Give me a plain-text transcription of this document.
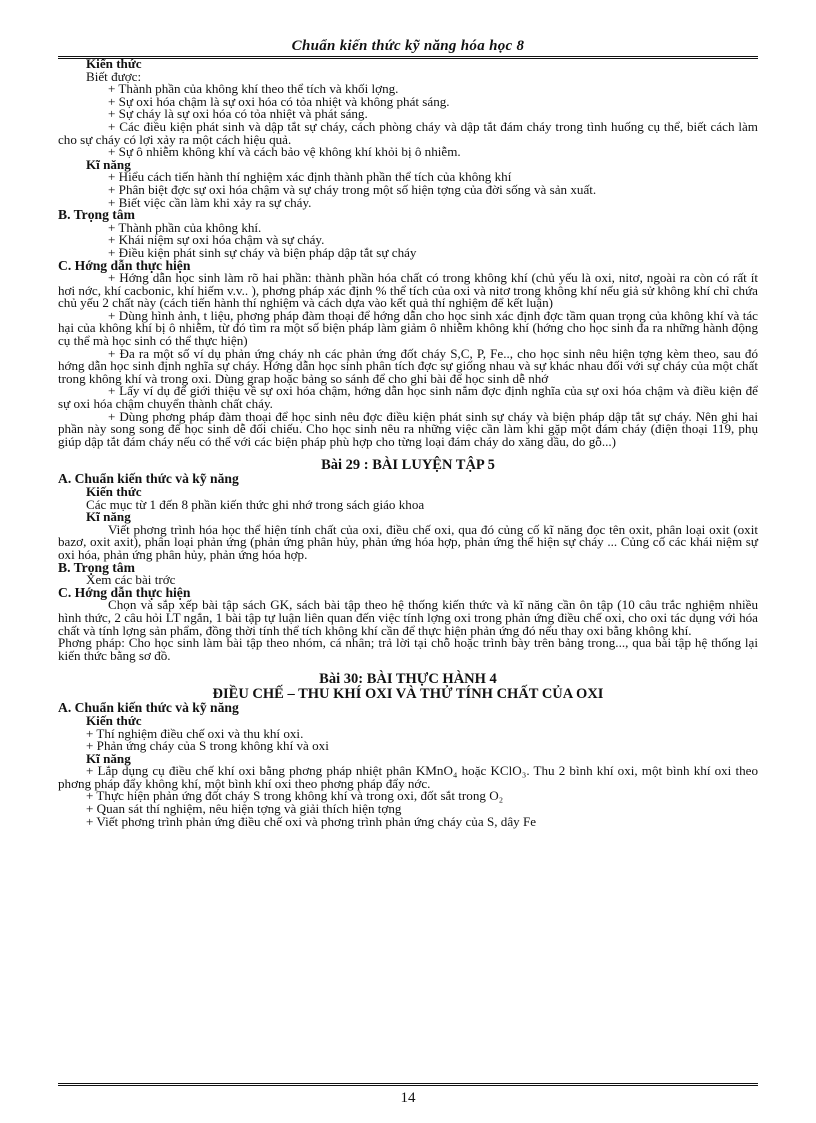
Chuẩn kiến thức kỹ năng hóa học 8

Kiến thức

Biết được:

+ Thành phần của không khí theo thể tích và khối lợng.

+ Sự oxi hóa chậm là sự oxi hóa có tỏa nhiệt và không phát sáng.

+ Sự cháy là sự oxi hóa có tỏa nhiệt và phát sáng.

+ Các điều kiện phát sinh và dập tắt sự cháy, cách phòng cháy và dập tắt đám cháy trong tình huống cụ thể, biết cách làm cho sự cháy có lợi xảy ra một cách hiệu quả.

+ Sự ô nhiễm không khí và cách bảo vệ không khí khỏi bị ô nhiễm.

Kĩ năng

+ Hiểu cách tiến hành thí nghiệm xác định thành phần thể tích của không khí

+ Phân biệt đợc sự oxi hóa chậm và sự cháy trong một số hiện tợng của đời sống và sản xuất.

+ Biết việc cần làm khi xảy ra sự cháy.

B. Trọng tâm

+ Thành phần của không khí.

+ Khái niệm sự oxi hóa chậm và sự cháy.

+ Điều kiện phát sinh sự cháy và biện pháp dập tắt sự cháy

C. Hớng dẫn thực hiện

+ Hớng dẫn học sinh làm rõ hai phần: thành phần hóa chất có trong không khí (chủ yếu là oxi, nitơ, ngoài ra còn có rất ít hơi nớc, khí cacbonic, khí hiếm v.v.. ), phơng pháp xác định % thể tích của oxi và nitơ trong không khí nếu giả sử không khí chỉ chứa chủ yếu 2 chất này (cách tiến hành thí nghiệm và cách dựa vào kết quả thí nghiệm để kết luận)

+ Dùng hình ảnh, t liệu, phơng pháp đàm thoại để hớng dẫn cho học sinh xác định đợc tầm quan trọng của không khí và tác hại của không khí bị ô nhiễm, từ đó tìm ra một số biện pháp làm giảm ô nhiễm không khí (hớng cho học sinh đa ra những hành động cụ thể mà học sinh có thể thực hiện)

+ Đa ra một số ví dụ phản ứng cháy nh các phản ứng đốt cháy S,C, P, Fe.., cho học sinh nêu hiện tợng kèm theo, sau đó hớng dẫn học sinh định nghĩa sự cháy. Hớng dẫn học sinh phân tích đợc sự giống nhau và sự khác nhau đối với sự cháy của một chất trong không khí và trong oxi. Dùng grap hoặc bảng so sánh để cho ghi bài để học sinh dễ nhớ

+ Lấy ví dụ để giới thiệu về sự oxi hóa chậm, hớng dẫn học sinh nắm đợc định nghĩa của sự oxi hóa chậm và điều kiện để sự oxi hóa chậm chuyển thành chất cháy.

+ Dùng phơng pháp đàm thoại để học sinh nêu đợc điều kiện phát sinh sự cháy và biện pháp dập tắt sự cháy. Nên ghi hai phần này song song để học sinh dễ đối chiếu. Cho học sinh nêu ra những việc cần làm khi gặp một đám cháy (điện thoại 119, phụ giúp dập tắt đám cháy nếu có thể với các biện pháp phù hợp cho từng loại đám cháy do xăng dầu, do gỗ...)

Bài 29 : BÀI LUYỆN TẬP 5

A. Chuẩn kiến thức và kỹ năng

Kiến thức

Các mục từ 1 đến 8 phần kiến thức ghi nhớ trong sách giáo khoa

Kĩ năng

Viết phơng trình hóa học thể hiện tính chất của oxi, điều chế oxi, qua đó củng cố kĩ năng đọc tên oxit, phân loại oxit (oxit bazơ, oxit axit), phân loại phản ứng (phản ứng phân hủy, phản ứng hóa hợp, phản ứng thể hiện sự cháy ... Củng cố các khái niệm sự oxi hóa, phản ứng phân hủy, phản ứng hóa hợp.

B. Trọng tâm

Xem các bài trớc

C. Hớng dẫn thực hiện

Chọn và sắp xếp bài tập sách GK, sách bài tập theo hệ thống kiến thức và kĩ năng cần ôn tập (10 câu trắc nghiệm nhiều hình thức, 2 câu hỏi LT ngắn, 1 bài tập tự luận liên quan đến việc tính lợng oxi trong phản ứng điều chế oxi, cho oxi tác dụng với hóa chất và tính lợng sản phẩm, đồng thời tính thể tích không khí cần để thực hiện phản ứng đó nếu thay oxi bằng không khí.

Phơng pháp: Cho học sinh làm bài tập theo nhóm, cá nhân; trả lời tại chỗ hoặc trình bày trên bảng trong..., qua bài tập hệ thống lại kiến thức bằng sơ đồ.

Bài 30: BÀI THỰC HÀNH 4

ĐIỀU CHẾ – THU KHÍ OXI VÀ THỬ TÍNH CHẤT CỦA OXI

A. Chuẩn kiến thức và kỹ năng

Kiến thức

+ Thí nghiệm điều chế oxi và thu khí oxi.

+ Phản ứng cháy của S trong không khí và oxi

Kĩ năng

+ Lắp dụng cụ điều chế khí oxi bằng phơng pháp nhiệt phân KMnO₄ hoặc KClO₃. Thu 2 bình khí oxi, một bình khí oxi theo phơng pháp đẩy không khí, một bình khí oxi theo phơng pháp đẩy nớc.

+ Thực hiện phản ứng đốt cháy S trong không khí và trong oxi, đốt sắt trong O₂

+ Quan sát thí nghiệm, nêu hiện tợng và giải thích hiện tợng

+ Viết phơng trình phản ứng điều chế oxi và phơng trình phản ứng cháy của S, dây Fe

14
